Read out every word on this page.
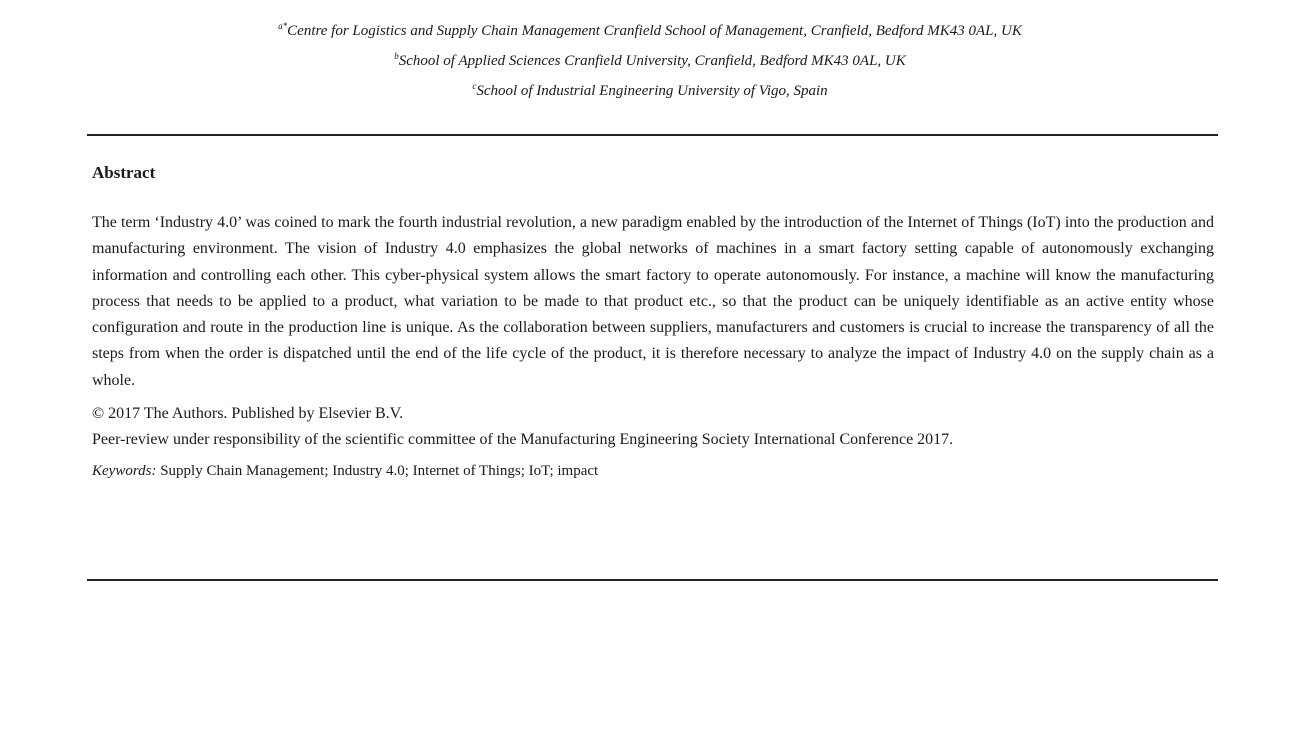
$^{a*}$Centre for Logistics and Supply Chain Management Cranfield School of Management, Cranfield, Bedford MK43 0AL, UK
$^b$School of Applied Sciences Cranfield University, Cranfield, Bedford MK43 0AL, UK
$^c$School of Industrial Engineering University of Vigo, Spain
Abstract

The term ‘Industry 4.0’ was coined to mark the fourth industrial revolution, a new paradigm enabled by the introduction of the Internet of Things (IoT) into the production and manufacturing environment. The vision of Industry 4.0 emphasizes the global networks of machines in a smart factory setting capable of autonomously exchanging information and controlling each other. This cyber-physical system allows the smart factory to operate autonomously. For instance, a machine will know the manufacturing process that needs to be applied to a product, what variation to be made to that product etc., so that the product can be uniquely identifiable as an active entity whose configuration and route in the production line is unique. As the collaboration between suppliers, manufacturers and customers is crucial to increase the transparency of all the steps from when the order is dispatched until the end of the life cycle of the product, it is therefore necessary to analyze the impact of Industry 4.0 on the supply chain as a whole.

© 2017 The Authors. Published by Elsevier B.V.
Peer-review under responsibility of the scientific committee of the Manufacturing Engineering Society International Conference 2017.
Keywords: Supply Chain Management; Industry 4.0; Internet of Things; IoT; impact
